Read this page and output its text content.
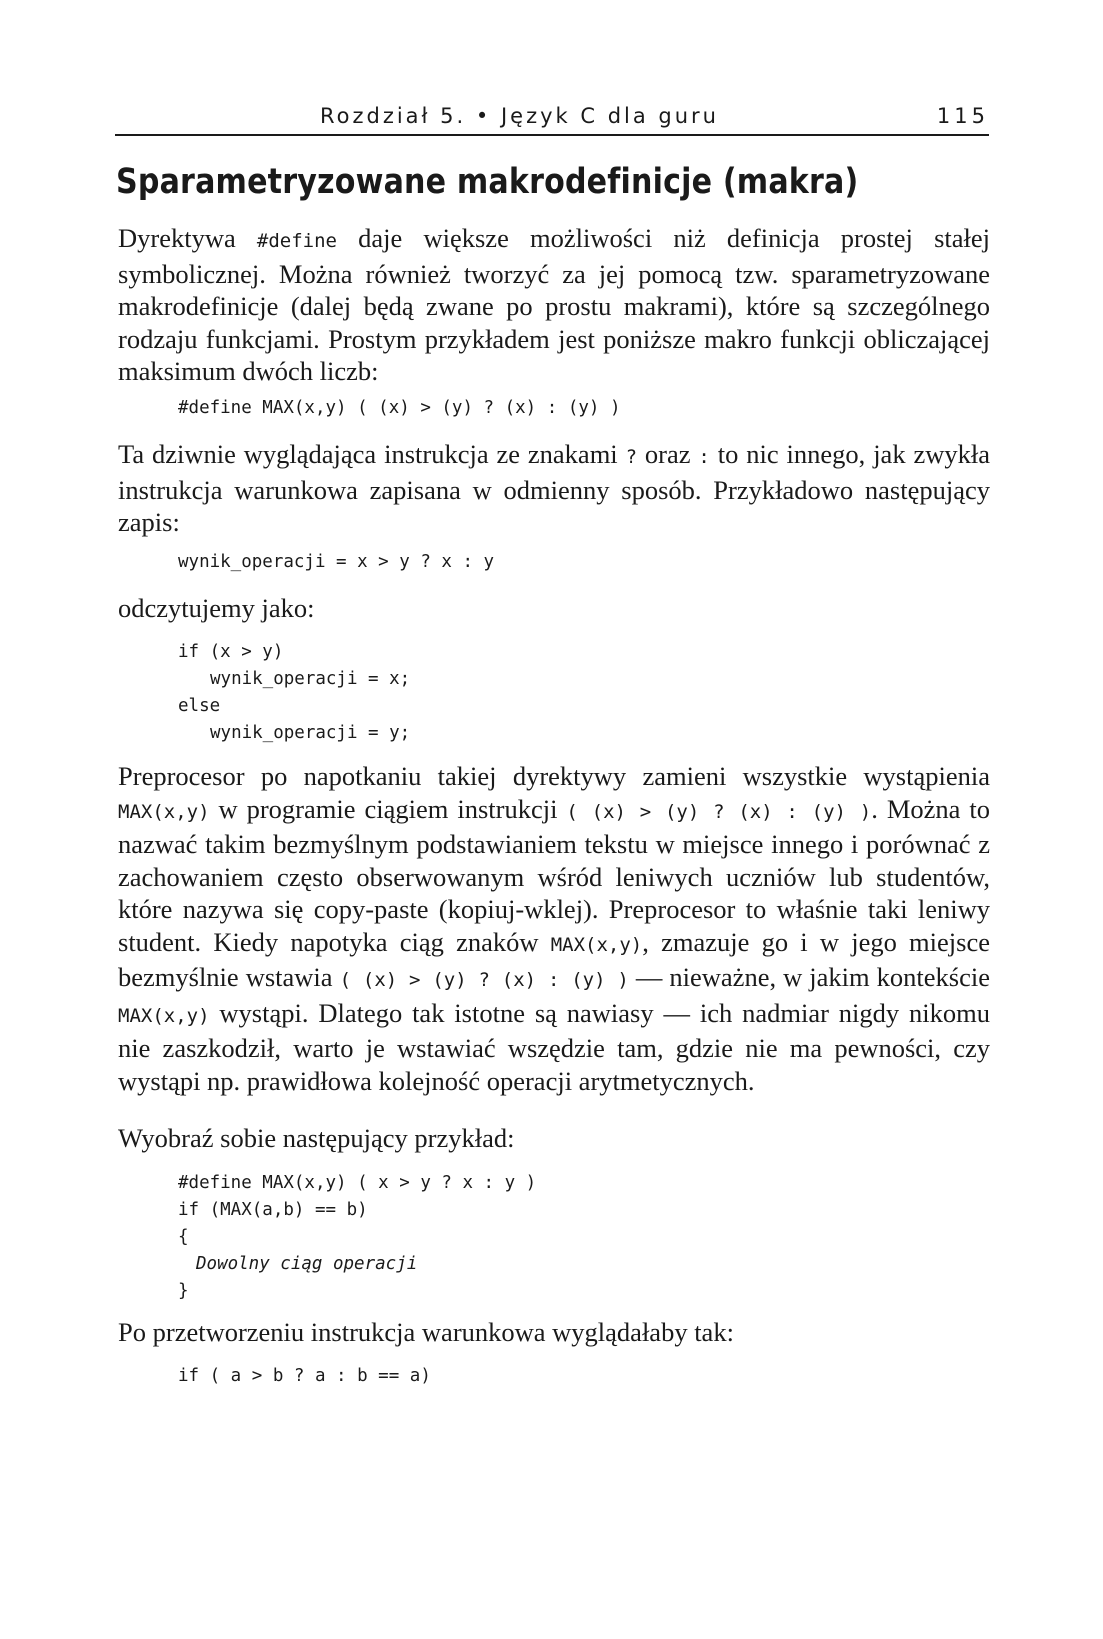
Rozdział 5. • Język C dla guru	115
Sparametryzowane makrodefinicje (makra)
Dyrektywa #define daje większe możliwości niż definicja prostej stałej symbolicznej. Można również tworzyć za jej pomocą tzw. sparametryzowane makrodefinicje (dalej będą zwane po prostu makrami), które są szczególnego rodzaju funkcjami. Prostym przykładem jest poniższe makro funkcji obliczającej maksimum dwóch liczb:
#define MAX(x,y) ( (x) > (y) ? (x) : (y) )
Ta dziwnie wyglądająca instrukcja ze znakami ? oraz : to nic innego, jak zwykła instrukcja warunkowa zapisana w odmienny sposób. Przykładowo następujący zapis:
wynik_operacji = x > y ? x : y
odczytujemy jako:
if (x > y)
wynik_operacji = x;
else
wynik_operacji = y;
Preprocesor po napotkaniu takiej dyrektywy zamieni wszystkie wystąpienia MAX(x,y) w programie ciągiem instrukcji ( (x) > (y) ? (x) : (y) ). Można to nazwać takim bezmyślnym podstawianiem tekstu w miejsce innego i porównać z zachowaniem często obserwowanym wśród leniwych uczniów lub studentów, które nazywa się copy-paste (kopiuj-wklej). Preprocesor to właśnie taki leniwy student. Kiedy napotyka ciąg znaków MAX(x,y), zmazuje go i w jego miejsce bezmyślnie wstawia ( (x) > (y) ? (x) : (y) ) — nieważne, w jakim kontekście MAX(x,y) wystąpi. Dlatego tak istotne są nawiasy — ich nadmiar nigdy nikomu nie zaszkodził, warto je wstawiać wszędzie tam, gdzie nie ma pewności, czy wystąpi np. prawidłowa kolejność operacji arytmetycznych.
Wyobraź sobie następujący przykład:
#define MAX(x,y) ( x > y ? x : y )
if (MAX(a,b) == b)
{
Dowolny ciąg operacji
}
Po przetworzeniu instrukcja warunkowa wyglądałaby tak:
if ( a > b ? a : b == a)
